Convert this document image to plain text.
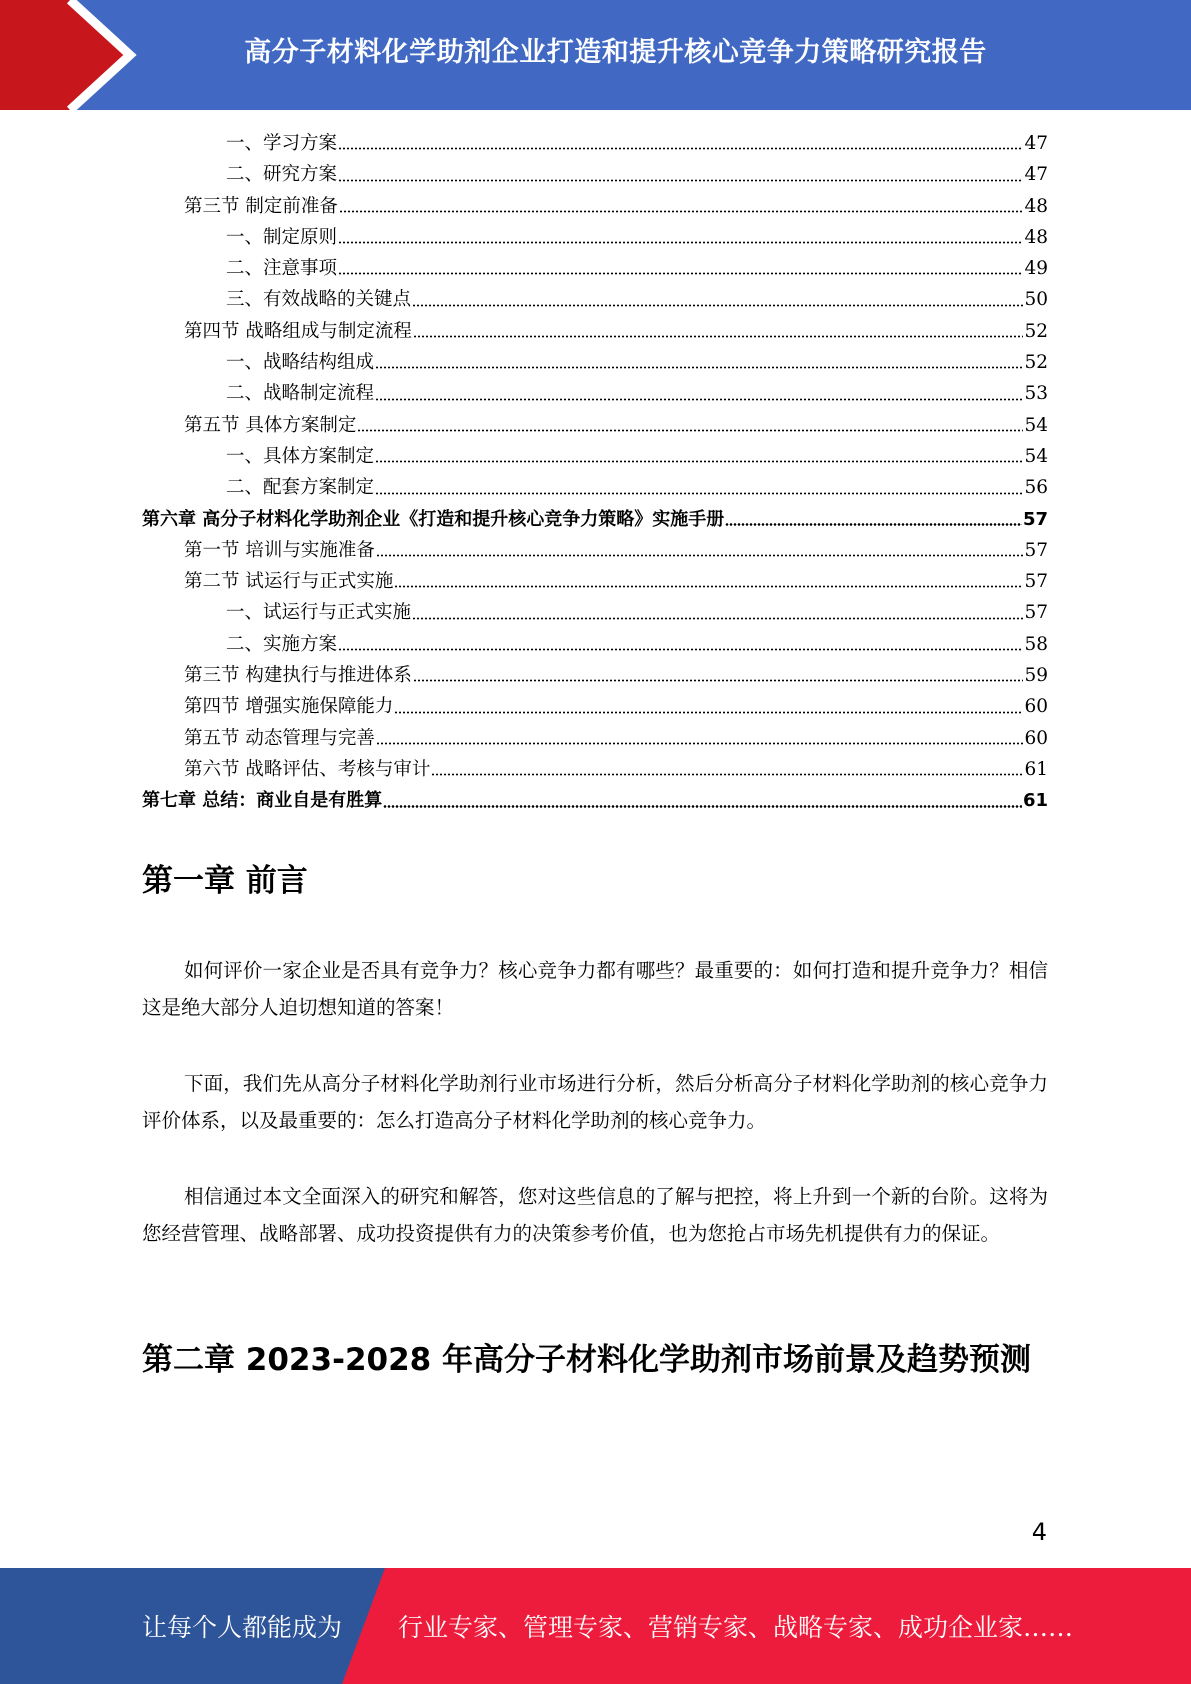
高分子材料化学助剂企业打造和提升核心竞争力策略研究报告
一、学习方案	47
二、研究方案	47
第三节 制定前准备	48
一、制定原则	48
二、注意事项	49
三、有效战略的关键点	50
第四节 战略组成与制定流程	52
一、战略结构组成	52
二、战略制定流程	53
第五节 具体方案制定	54
一、具体方案制定	54
二、配套方案制定	56
第六章 高分子材料化学助剂企业《打造和提升核心竞争力策略》实施手册	57
第一节 培训与实施准备	57
第二节 试运行与正式实施	57
一、试运行与正式实施	57
二、实施方案	58
第三节 构建执行与推进体系	59
第四节 增强实施保障能力	60
第五节 动态管理与完善	60
第六节 战略评估、考核与审计	61
第七章 总结：商业自是有胜算	61
第一章 前言

如何评价一家企业是否具有竞争力？核心竞争力都有哪些？最重要的：如何打造和提升竞争力？相信这是绝大部分人迫切想知道的答案！

下面，我们先从高分子材料化学助剂行业市场进行分析，然后分析高分子材料化学助剂的核心竞争力评价体系，以及最重要的：怎么打造高分子材料化学助剂的核心竞争力。

相信通过本文全面深入的研究和解答，您对这些信息的了解与把控，将上升到一个新的台阶。这将为您经营管理、战略部署、成功投资提供有力的决策参考价值，也为您抢占市场先机提供有力的保证。

第二章 2023-2028 年高分子材料化学助剂市场前景及趋势预测
4
让每个人都能成为 行业专家、管理专家、营销专家、战略专家、成功企业家……
